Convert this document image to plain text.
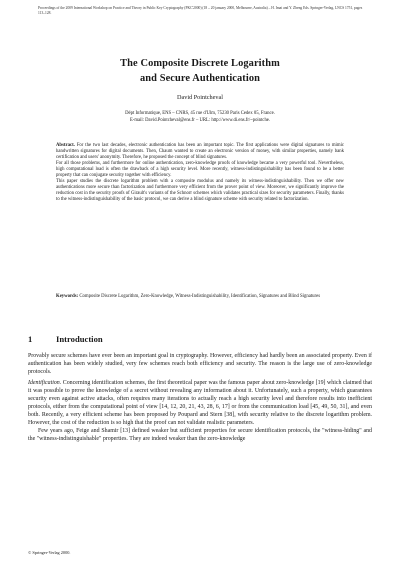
Proceedings of the 2009 International Workshop on Practice and Theory in Public Key Cryptography (PKC'2000) (18 – 20 january 2000, Melbourne, Australia) – H. Imai and Y. Zheng Eds. Springer-Verlag, LNCS 1751, pages 113–128.
The Composite Discrete Logarithm
and Secure Authentication
David Pointcheval
Dépt Informatique, ENS – CNRS, 45 rue d'Ulm, 75230 Paris Cedex 05, France.
E-mail: David.Pointcheval@ens.fr – URL: http://www.di.ens.fr/~pointche.

Abstract. For the two last decades, electronic authentication has been an important topic. The first applications were digital signatures to mimic handwritten signatures for digital documents. Then, Chaum wanted to create an electronic version of money, with similar properties, namely bank certification and users' anonymity. Therefore, he proposed the concept of blind signatures.

For all those problems, and furthermore for online authentication, zero-knowledge proofs of knowledge became a very powerful tool. Nevertheless, high computational load is often the drawback of a high security level. More recently, witness-indistinguishability has been found to be a better property that can conjugate security together with efficiency.

This paper studies the discrete logarithm problem with a composite modulus and namely its witness-indistinguishability. Then we offer new authentications more secure than factorization and furthermore very efficient from the prover point of view. Moreover, we significantly improve the reduction cost in the security proofs of Girault's variants of the Schnorr schemes which validates practical sizes for security parameters. Finally, thanks to the witness-indistinguishability of the basic protocol, we can derive a blind signature scheme with security related to factorization.

Keywords: Composite Discrete Logarithm, Zero-Knowledge, Witness-Indistinguishability, Identification, Signatures and Blind Signatures
1	Introduction

Provably secure schemes have ever been an important goal in cryptography. However, efficiency had hardly been an associated property. Even if authentication has been widely studied, very few schemes reach both efficiency and security. The reason is the large use of zero-knowledge protocols.

Identification. Concerning identification schemes, the first theoretical paper was the famous paper about zero-knowledge [19] which claimed that it was possible to prove the knowledge of a secret without revealing any information about it. Unfortunately, such a property, which guarantees security even against active attacks, often requires many iterations to actually reach a high security level and therefore results into inefficient protocols, either from the computational point of view [14, 12, 20, 21, 43, 28, 6, 17] or from the communication load [45, 49, 50, 31], and even both. Recently, a very efficient scheme has been proposed by Poupard and Stern [38], with security relative to the discrete logarithm problem. However, the cost of the reduction is so high that the proof can not validate realistic parameters.

Few years ago, Feige and Shamir [13] defined weaker but sufficient properties for secure identification protocols, the "witness-hiding" and the "witness-indistinguishable" properties. They are indeed weaker than the zero-knowledge

© Springer-Verlag 2000.
